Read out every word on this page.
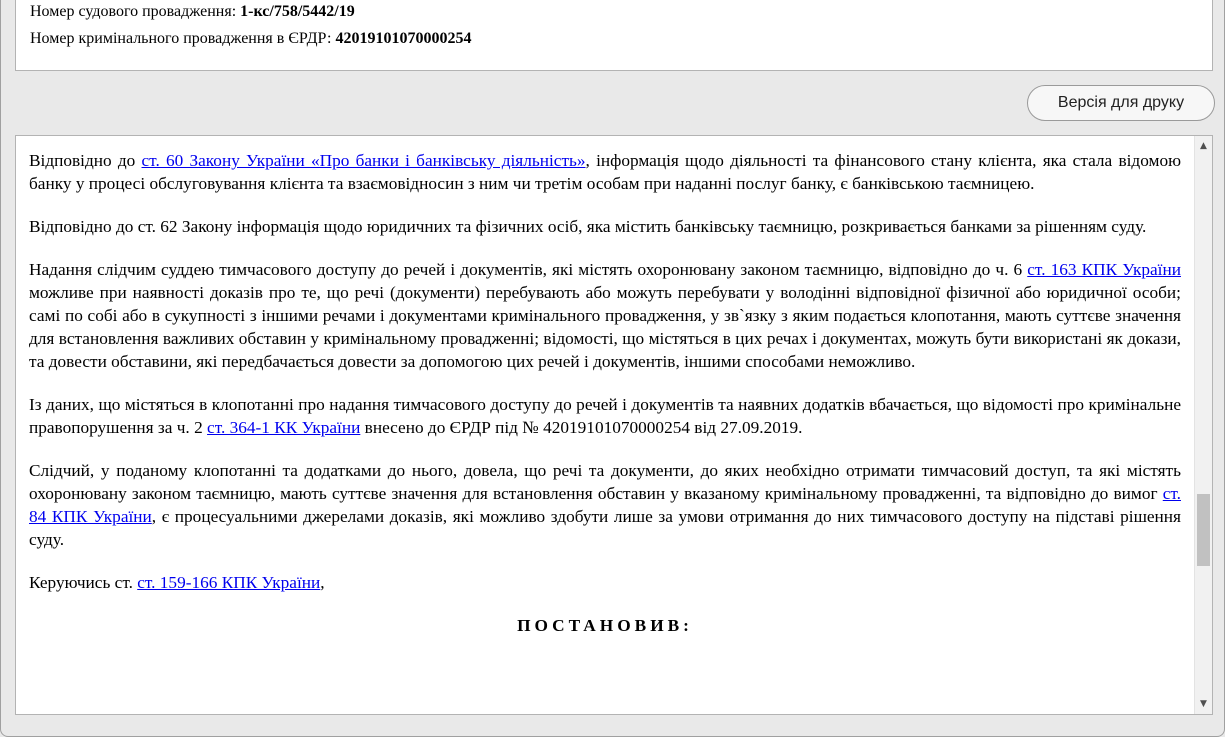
Номер судового провадження: 1-кс/758/5442/19
Номер кримінального провадження в ЄРДР: 42019101070000254
Версія для друку

Відповідно до ст. 60 Закону України «Про банки і банківську діяльність», інформація щодо діяльності та фінансового стану клієнта, яка стала відомою банку у процесі обслуговування клієнта та взаємовідносин з ним чи третім особам при наданні послуг банку, є банківською таємницею.

Відповідно до ст. 62 Закону інформація щодо юридичних та фізичних осіб, яка містить банківську таємницю, розкривається банками за рішенням суду.

Надання слідчим суддею тимчасового доступу до речей і документів, які містять охоронювану законом таємницю, відповідно до ч. 6 ст. 163 КПК України можливе при наявності доказів про те, що речі (документи) перебувають або можуть перебувати у володінні відповідної фізичної або юридичної особи; самі по собі або в сукупності з іншими речами і документами кримінального провадження, у зв`язку з яким подається клопотання, мають суттєве значення для встановлення важливих обставин у кримінальному провадженні; відомості, що містяться в цих речах і документах, можуть бути використані як докази, та довести обставини, які передбачається довести за допомогою цих речей і документів, іншими способами неможливо.

Із даних, що містяться в клопотанні про надання тимчасового доступу до речей і документів та наявних додатків вбачається, що відомості про кримінальне правопорушення за ч. 2 ст. 364-1 КК України внесено до ЄРДР під № 42019101070000254 від 27.09.2019.

Слідчий, у поданому клопотанні та додатками до нього, довела, що речі та документи, до яких необхідно отримати тимчасовий доступ, та які містять охоронювану законом таємницю, мають суттєве значення для встановлення обставин у вказаному кримінальному провадженні, та відповідно до вимог ст. 84 КПК України, є процесуальними джерелами доказів, які можливо здобути лише за умови отримання до них тимчасового доступу на підставі рішення суду.

Керуючись ст. ст. 159-166 КПК України,

ПОСТАНОВИВ:
▲
▼
